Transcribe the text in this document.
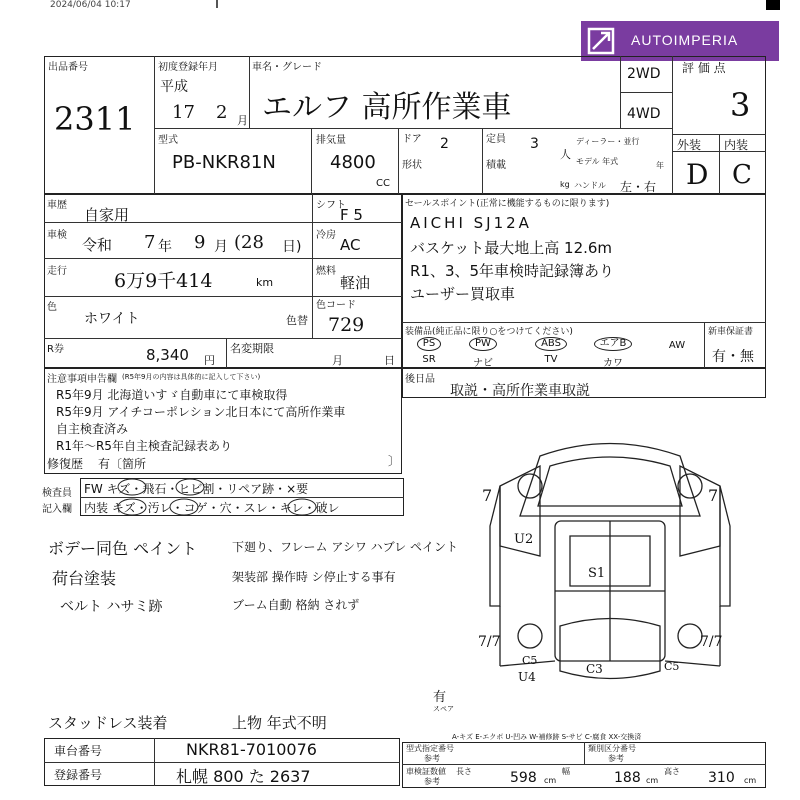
2024/06/04 10:17
AUTOIMPERIA
出品番号
2311
初度登録年月
平成
17 2 月
車名・グレード
エルフ 高所作業車
2WD
4WD
評 価 点
3
外装 内装
D C
型式
PB-NKR81N
排気量
4800
CC
ドア 2
形状
定員 3
人
積載
ディーラー・並行
モデル 年式	年
kg ハンドル 左・右
車歴
自家用
シフト
F 5
車検
令和 7 年 9 月 (28 日)
冷房
AC
走行 6万9千414	km
燃料
軽油
色
ホワイト	色替
色コード
729
R券	8,340 円
名変期限
月	日
セールスポイント(正常に機能するものに限ります)
AICHI SJ12A
バスケット最大地上高 12.6m
R1、3、5年車検時記録簿あり
ユーザー買取車
装備品(純正品に限り○をつけてください)	新車保証書
有・無
PS	PW	ABS	エアB	AW
SR	ナビ	TV	カワ
後日品
取説・高所作業車取説
注意事項申告欄 (R5年9月の内容は具体的に記入して下さい)
R5年9月 北海道いすゞ自動車にて車検取得
R5年9月 アイチコーポレション北日本にて高所作業車
自主検査済み
R1年～R5年自主検査記録表あり
修復歴 有〔箇所	〕
検査員
記入欄
FW キズ・飛石・ヒビ割・リペア跡・×要
内装 キズ・汚レ・コゲ・穴・スレ・キレ・破レ
ボデー同色 ペイント
荷台塗装
ベルト ハサミ跡
下廻り、フレーム アシワ ハブレ ペイント
架装部 操作時 シ停止する事有
ブーム自動 格納 されず
スタッドレス装着	上物 年式不明
7	7
U2
S1
7/7	7/7
C5
U4
C3	C5
有
スペア
A-キズ E-エクボ U-凹み W-補修跡 S-サビ C-腐食 XX-交換済
車台番号	NKR81-7010076
登録番号	札幌 800 た 2637
型式指定番号
参考
類別区分番号
参考
車検証数値
参考
長さ	598 cm
幅	188 cm
高さ 310 cm
